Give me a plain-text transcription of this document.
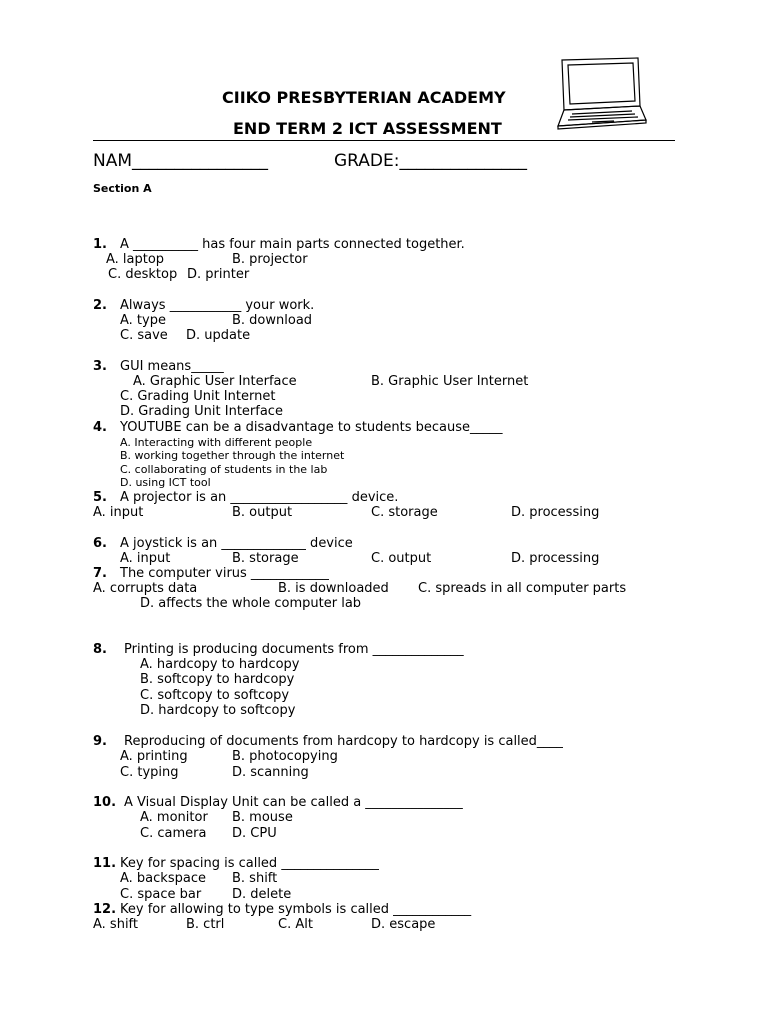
CIIKO PRESBYTERIAN ACADEMY
END TERM 2 ICT ASSESSMENT
NAM________________	GRADE:_______________
Section A
1. A __________ has four main parts connected together.
A. laptop	B. projector
C. desktop D. printer
2. Always ___________ your work.
A. type	B. download
C. save D. update
3. GUI means_____
A. Graphic User Interface	B. Graphic User Internet
C. Grading Unit Internet
D. Grading Unit Interface
4. YOUTUBE can be a disadvantage to students because_____
A. Interacting with different people
B. working together through the internet
C. collaborating of students in the lab
D. using ICT tool
5. A projector is an __________________ device.
A. input	B. output	C. storage	D. processing
6. A joystick is an _____________ device
A. input	B. storage	C. output	D. processing
7. The computer virus ____________
A. corrupts data	B. is downloaded C. spreads in all computer parts
D. affects the whole computer lab
8. Printing is producing documents from ______________
A. hardcopy to hardcopy
B. softcopy to hardcopy
C. softcopy to softcopy
D. hardcopy to softcopy
9. Reproducing of documents from hardcopy to hardcopy is called____
A. printing	B. photocopying
C. typing	D. scanning
10. A Visual Display Unit can be called a _______________
A. monitor B. mouse
C. camera D. CPU
11. Key for spacing is called _______________
A. backspace B. shift
C. space bar D. delete
12. Key for allowing to type symbols is called ____________
A. shift	B. ctrl	C. Alt	D. escape
